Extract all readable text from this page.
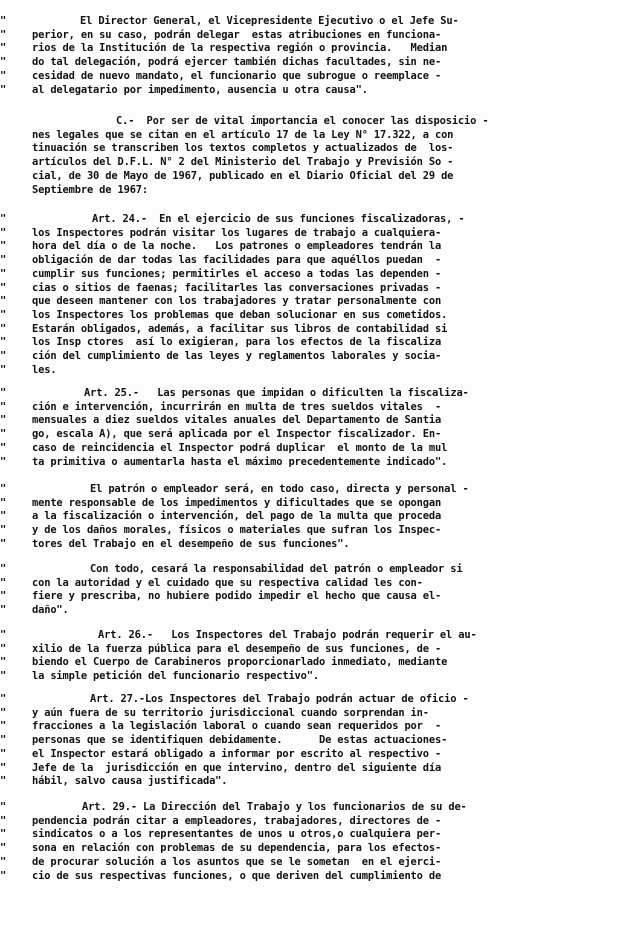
"	El Director General, el Vicepresidente Ejecutivo o el Jefe Su-
"	perior, en su caso, podrán delegar  estas atribuciones en funciona-
"	rios de la Institución de la respectiva región o provincia.   Median
"	do tal delegación, podrá ejercer también dichas facultades, sin ne-
"	cesidad de nuevo mandato, el funcionario que subrogue o reemplace -
"	al delegatario por impedimento, ausencia u otra causa".
C.-  Por ser de vital importancia el conocer las disposicio -
nes legales que se citan en el artículo 17 de la Ley N° 17.322, a con
tinuación se transcriben los textos completos y actualizados de  los-
artículos del D.F.L. N° 2 del Ministerio del Trabajo y Previsión So -
cial, de 30 de Mayo de 1967, publicado en el Diario Oficial del 29 de
Septiembre de 1967:
"	Art. 24.-  En el ejercicio de sus funciones fiscalizadoras, -
"	los Inspectores podrán visitar los lugares de trabajo a cualquiera-
"	hora del día o de la noche.   Los patrones o empleadores tendrán la
"	obligación de dar todas las facilidades para que aquéllos puedan  -
"	cumplir sus funciones; permitirles el acceso a todas las dependen -
"	cias o sitios de faenas; facilitarles las conversaciones privadas -
"	que deseen mantener con los trabajadores y tratar personalmente con
"	los Inspectores los problemas que deban solucionar en sus cometidos.
"	Estarán obligados, además, a facilitar sus libros de contabilidad si
"	los Insp ctores  así lo exigieran, para los efectos de la fiscaliza
"	ción del cumplimiento de las leyes y reglamentos laborales y socia-
"	les.
"	Art. 25.-   Las personas que impidan o dificulten la fiscaliza-
"	ción e intervención, incurrirán en multa de tres sueldos vitales  -
"	mensuales a diez sueldos vitales anuales del Departamento de Santia
"	go, escala A), que será aplicada por el Inspector fiscalizador. En-
"	caso de reincidencia el Inspector podrá duplicar  el monto de la mul
"	ta primitiva o aumentarla hasta el máximo precedentemente indicado".
"	El patrón o empleador será, en todo caso, directa y personal -
"	mente responsable de los impedimentos y dificultades que se opongan
"	a la fiscalización o intervención, del pago de la multa que proceda
"	y de los daños morales, físicos o materiales que sufran los Inspec-
"	tores del Trabajo en el desempeño de sus funciones".
"	Con todo, cesará la responsabilidad del patrón o empleador si
"	con la autoridad y el cuidado que su respectiva calidad les con-
"	fiere y prescriba, no hubiere podido impedir el hecho que causa el-
"	daño".
"	Art. 26.-   Los Inspectores del Trabajo podrán requerir el au-
"	xilio de la fuerza pública para el desempeño de sus funciones, de -
"	biendo el Cuerpo de Carabineros proporcionarlado inmediato, mediante
"	la simple petición del funcionario respectivo".
"	Art. 27.-Los Inspectores del Trabajo podrán actuar de oficio -
"	y aún fuera de su territorio jurisdiccional cuando sorprendan in-
"	fracciones a la legislación laboral o cuando sean requeridos por  -
"	personas que se identifiquen debidamente.      De estas actuaciones-
"	el Inspector estará obligado a informar por escrito al respectivo -
"	Jefe de la  jurisdicción en que intervino, dentro del siguiente día
"	hábil, salvo causa justificada".
"	Art. 29.- La Dirección del Trabajo y los funcionarios de su de-
"	pendencia podrán citar a empleadores, trabajadores, directores de -
"	sindicatos o a los representantes de unos u otros,o cualquiera per-
"	sona en relación con problemas de su dependencia, para los efectos-
"	de procurar solución a los asuntos que se le sometan  en el ejerci-
"	cio de sus respectivas funciones, o que deriven del cumplimiento de
